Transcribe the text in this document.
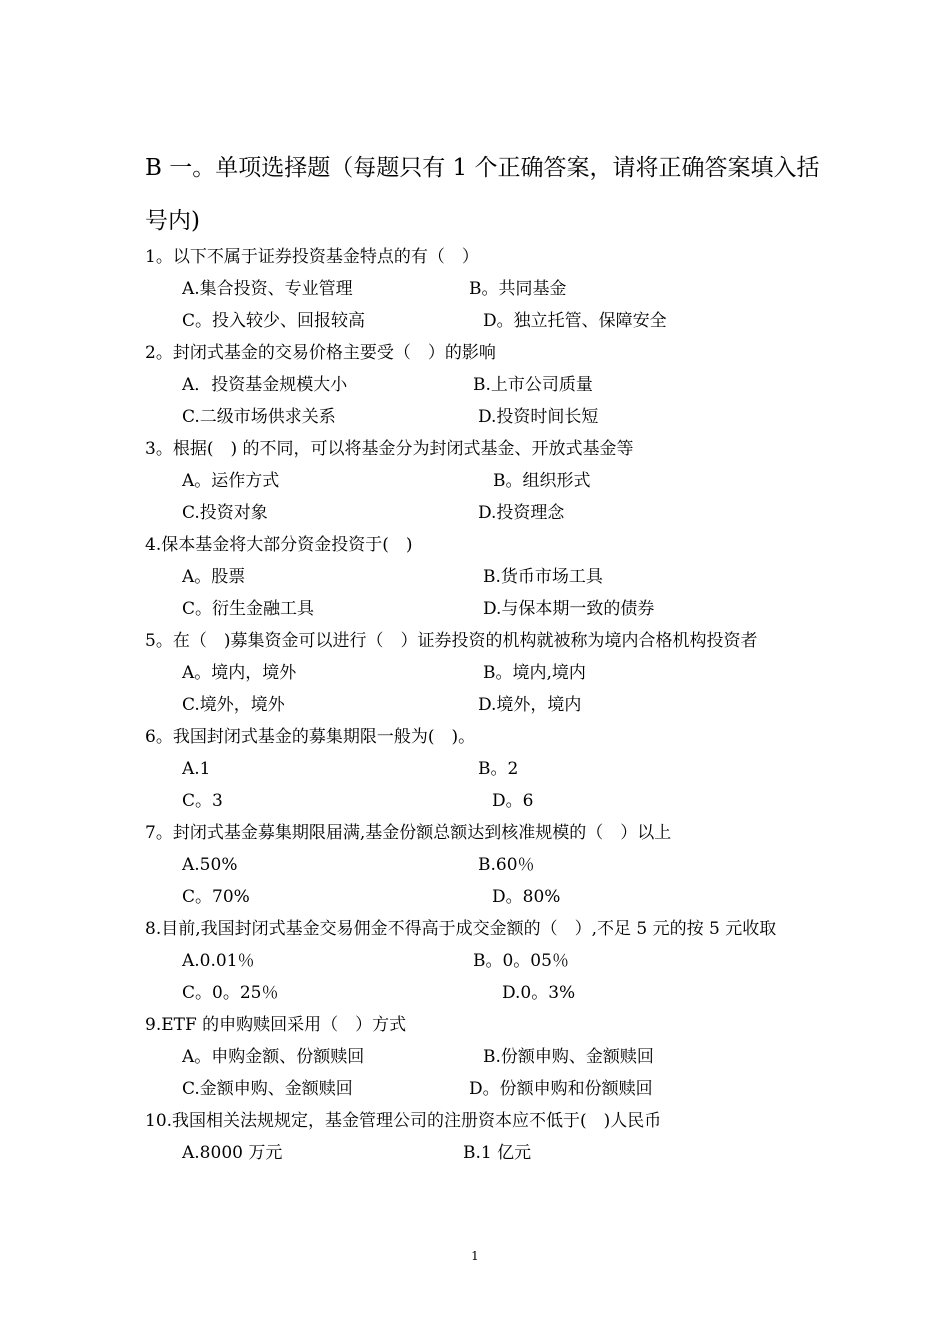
B 一。单项选择题（每题只有 1 个正确答案，请将正确答案填入括号内)
1。以下不属于证券投资基金特点的有（　）
A.集合投资、专业管理	B。共同基金
C。投入较少、回报较高	D。独立托管、保障安全
2。封闭式基金的交易价格主要受（　）的影响
A．投资基金规模大小	B.上市公司质量
C.二级市场供求关系	D.投资时间长短
3。根据(　) 的不同，可以将基金分为封闭式基金、开放式基金等
A。运作方式	B。组织形式
C.投资对象	D.投资理念
4.保本基金将大部分资金投资于(　)
A。股票	B.货币市场工具
C。衍生金融工具	D.与保本期一致的债券
5。在（　)募集资金可以进行（　）证券投资的机构就被称为境内合格机构投资者
A。境内，境外	B。境内,境内
C.境外，境外	D.境外，境内
6。我国封闭式基金的募集期限一般为(　)。
A.1	B。2
C。3	D。6
7。封闭式基金募集期限届满,基金份额总额达到核准规模的（　）以上
A.50%	B.60％
C。70%	D。80%
8.目前,我国封闭式基金交易佣金不得高于成交金额的（　）,不足 5 元的按 5 元收取
A.0.01％	B。0。05％
C。0。25％	D.0。3%
9.ETF 的申购赎回采用（　）方式
A。申购金额、份额赎回	B.份额申购、金额赎回
C.金额申购、金额赎回	D。份额申购和份额赎回
10.我国相关法规规定，基金管理公司的注册资本应不低于(　)人民币
A.8000 万元	B.1 亿元
1
